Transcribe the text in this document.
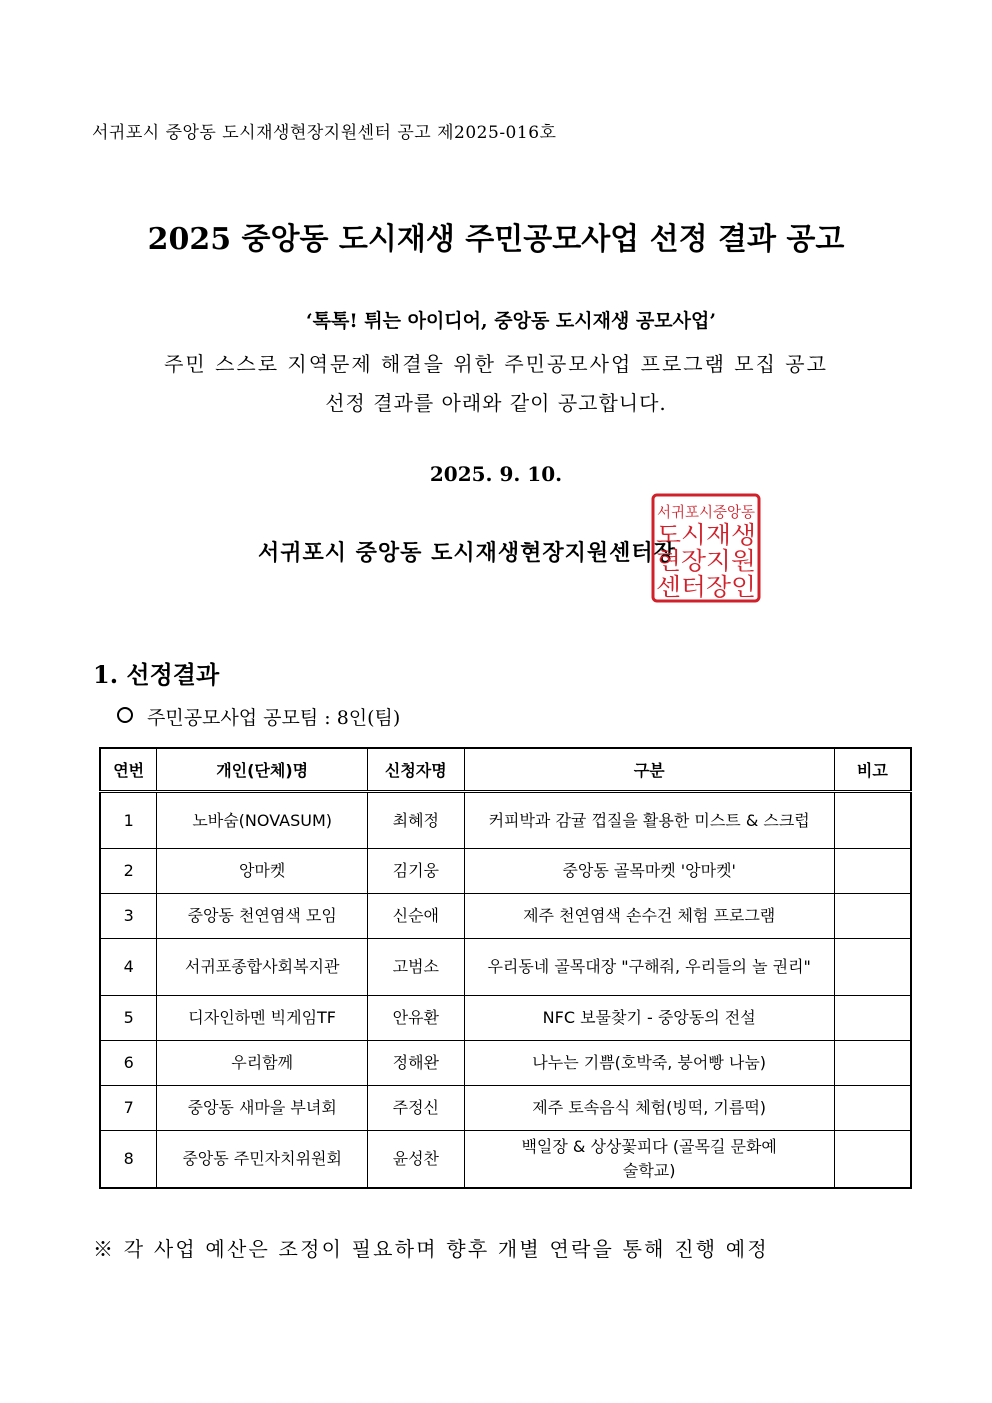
서귀포시 중앙동 도시재생현장지원센터 공고 제2025-016호
2025 중앙동 도시재생 주민공모사업 선정 결과 공고
‘톡톡! 튀는 아이디어, 중앙동 도시재생 공모사업’
주민 스스로 지역문제 해결을 위한 주민공모사업 프로그램 모집 공고
선정 결과를 아래와 같이 공고합니다.
2025. 9. 10.
서귀포시 중앙동 도시재생현장지원센터장
서귀포시중앙동
도시재생
현장지원
센터장인
1. 선정결과
주민공모사업 공모팀 : 8인(팀)
연번	개인(단체)명	신청자명	구분	비고
1	노바숨(NOVASUM)	최혜정	커피박과 감귤 껍질을 활용한 미스트 & 스크럽	
2	앙마켓	김기웅	중앙동 골목마켓 '앙마켓'	
3	중앙동 천연염색 모임	신순애	제주 천연염색 손수건 체험 프로그램	
4	서귀포종합사회복지관	고범소	우리동네 골목대장 "구해줘, 우리들의 놀 권리"	
5	디자인하멘 빅게임TF	안유환	NFC 보물찾기 - 중앙동의 전설	
6	우리함께	정해완	나누는 기쁨(호박죽, 붕어빵 나눔)	
7	중앙동 새마을 부녀회	주정신	제주 토속음식 체험(빙떡, 기름떡)	
8	중앙동 주민자치위원회	윤성찬	백일장 & 상상꽃피다 (골목길 문화예술학교)	
※ 각 사업 예산은 조정이 필요하며 향후 개별 연락을 통해 진행 예정
